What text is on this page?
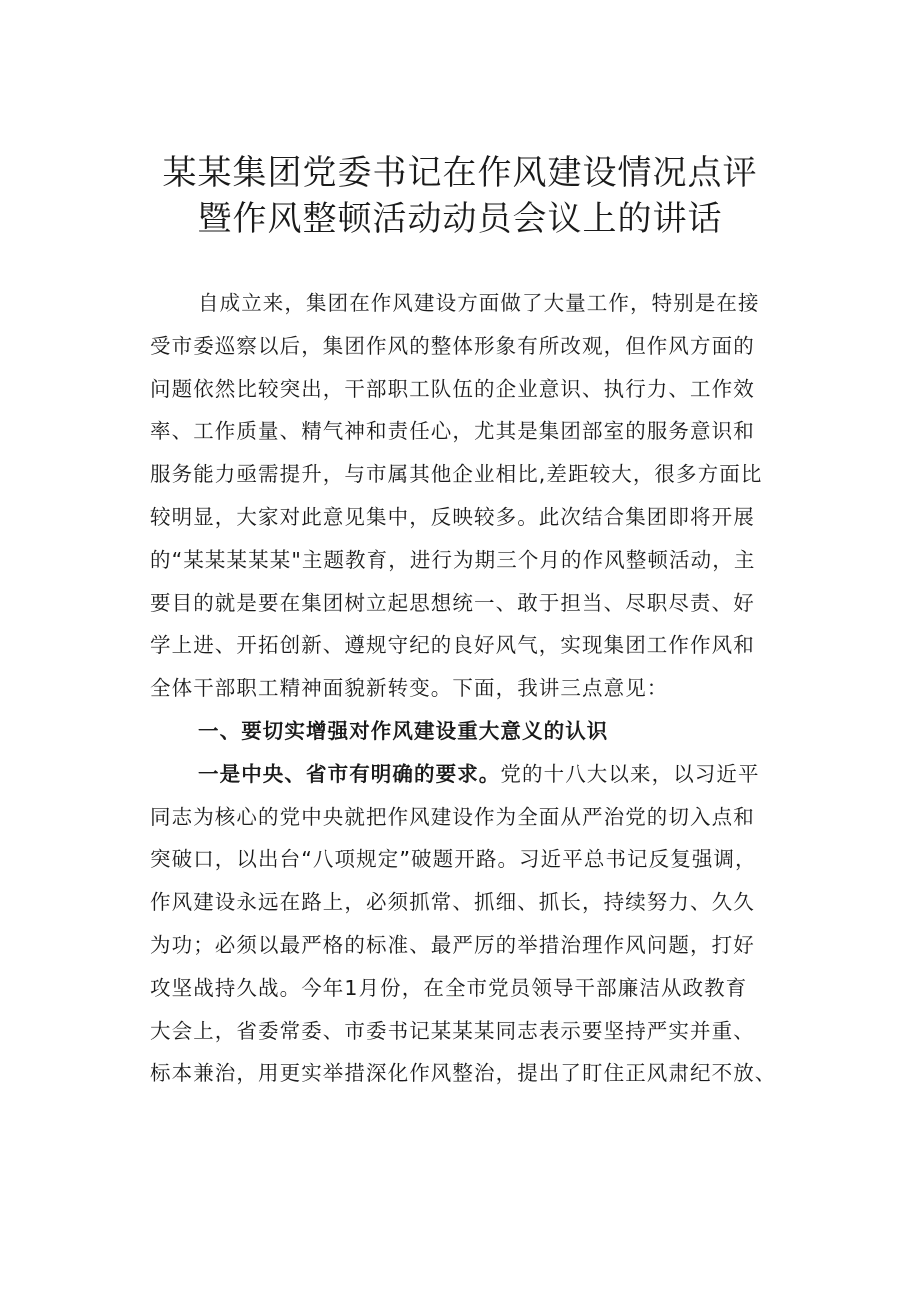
某某集团党委书记在作风建设情况点评
暨作风整顿活动动员会议上的讲话
自成立来，集团在作风建设方面做了大量工作，特别是在接
受市委巡察以后，集团作风的整体形象有所改观，但作风方面的
问题依然比较突出，干部职工队伍的企业意识、执行力、工作效
率、工作质量、精气神和责任心，尤其是集团部室的服务意识和
服务能力亟需提升，与市属其他企业相比,差距较大，很多方面比
较明显，大家对此意见集中，反映较多。此次结合集团即将开展
的“某某某某某"主题教育，进行为期三个月的作风整顿活动，主
要目的就是要在集团树立起思想统一、敢于担当、尽职尽责、好
学上进、开拓创新、遵规守纪的良好风气，实现集团工作作风和
全体干部职工精神面貌新转变。下面，我讲三点意见：
一、要切实增强对作风建设重大意义的认识
一是中央、省市有明确的要求。党的十八大以来，以习近平
同志为核心的党中央就把作风建设作为全面从严治党的切入点和
突破口，以出台“八项规定”破题开路。习近平总书记反复强调，
作风建设永远在路上，必须抓常、抓细、抓长，持续努力、久久
为功；必须以最严格的标准、最严厉的举措治理作风问题，打好
攻坚战持久战。今年1月份，在全市党员领导干部廉洁从政教育
大会上，省委常委、市委书记某某某同志表示要坚持严实并重、
标本兼治，用更实举措深化作风整治，提出了盯住正风肃纪不放、
